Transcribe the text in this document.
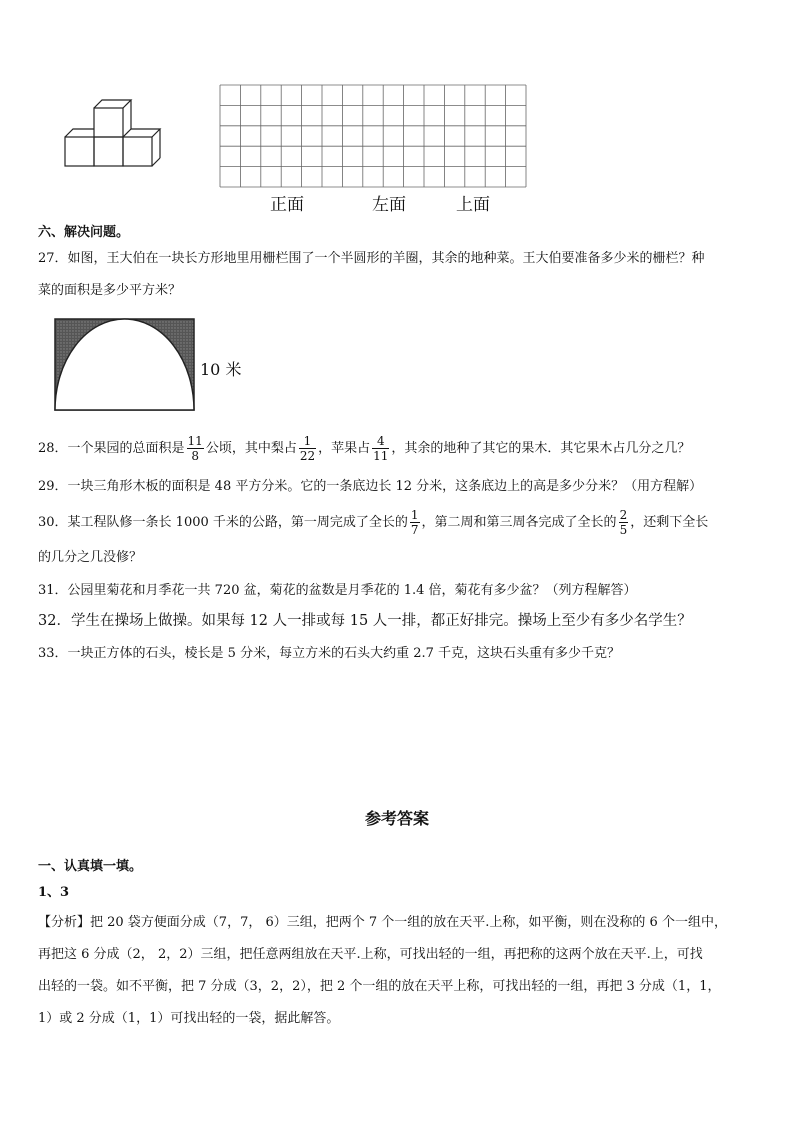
正面	左面	上面
六、解决问题。
27．如图，王大伯在一块长方形地里用栅栏围了一个半圆形的羊圈，其余的地种菜。王大伯要准备多少米的栅栏？种
菜的面积是多少平方米？
10 米
28．一个果园的总面积是 $\frac{11}{8}$ 公顷，其中梨占 $\frac{1}{22}$ ，苹果占 $\frac{4}{11}$ ，其余的地种了其它的果木．其它果木占几分之几？
29．一块三角形木板的面积是 48 平方分米。它的一条底边长 12 分米，这条底边上的高是多少分米？（用方程解）
30．某工程队修一条长 1000 千米的公路，第一周完成了全长的 $\frac{1}{7}$ ，第二周和第三周各完成了全长的 $\frac{2}{5}$ ，还剩下全长
的几分之几没修？
31．公园里菊花和月季花一共 720 盆，菊花的盆数是月季花的 1.4 倍，菊花有多少盆？（列方程解答）
32．学生在操场上做操。如果每 12 人一排或每 15 人一排，都正好排完。操场上至少有多少名学生？
33．一块正方体的石头，棱长是 5 分米，每立方米的石头大约重 2.7 千克，这块石头重有多少千克？
参考答案
一、认真填一填。
1、3
【分析】把 20 袋方便面分成（7，7， 6）三组，把两个 7 个一组的放在天平.上称，如平衡，则在没称的 6 个一组中，
再把这 6 分成（2， 2，2）三组，把任意两组放在天平.上称，可找出轻的一组，再把称的这两个放在天平.上，可找
出轻的一袋。如不平衡，把 7 分成（3，2，2），把 2 个一组的放在天平上称，可找出轻的一组，再把 3 分成（1，1，
1）或 2 分成（1，1）可找出轻的一袋，据此解答。
